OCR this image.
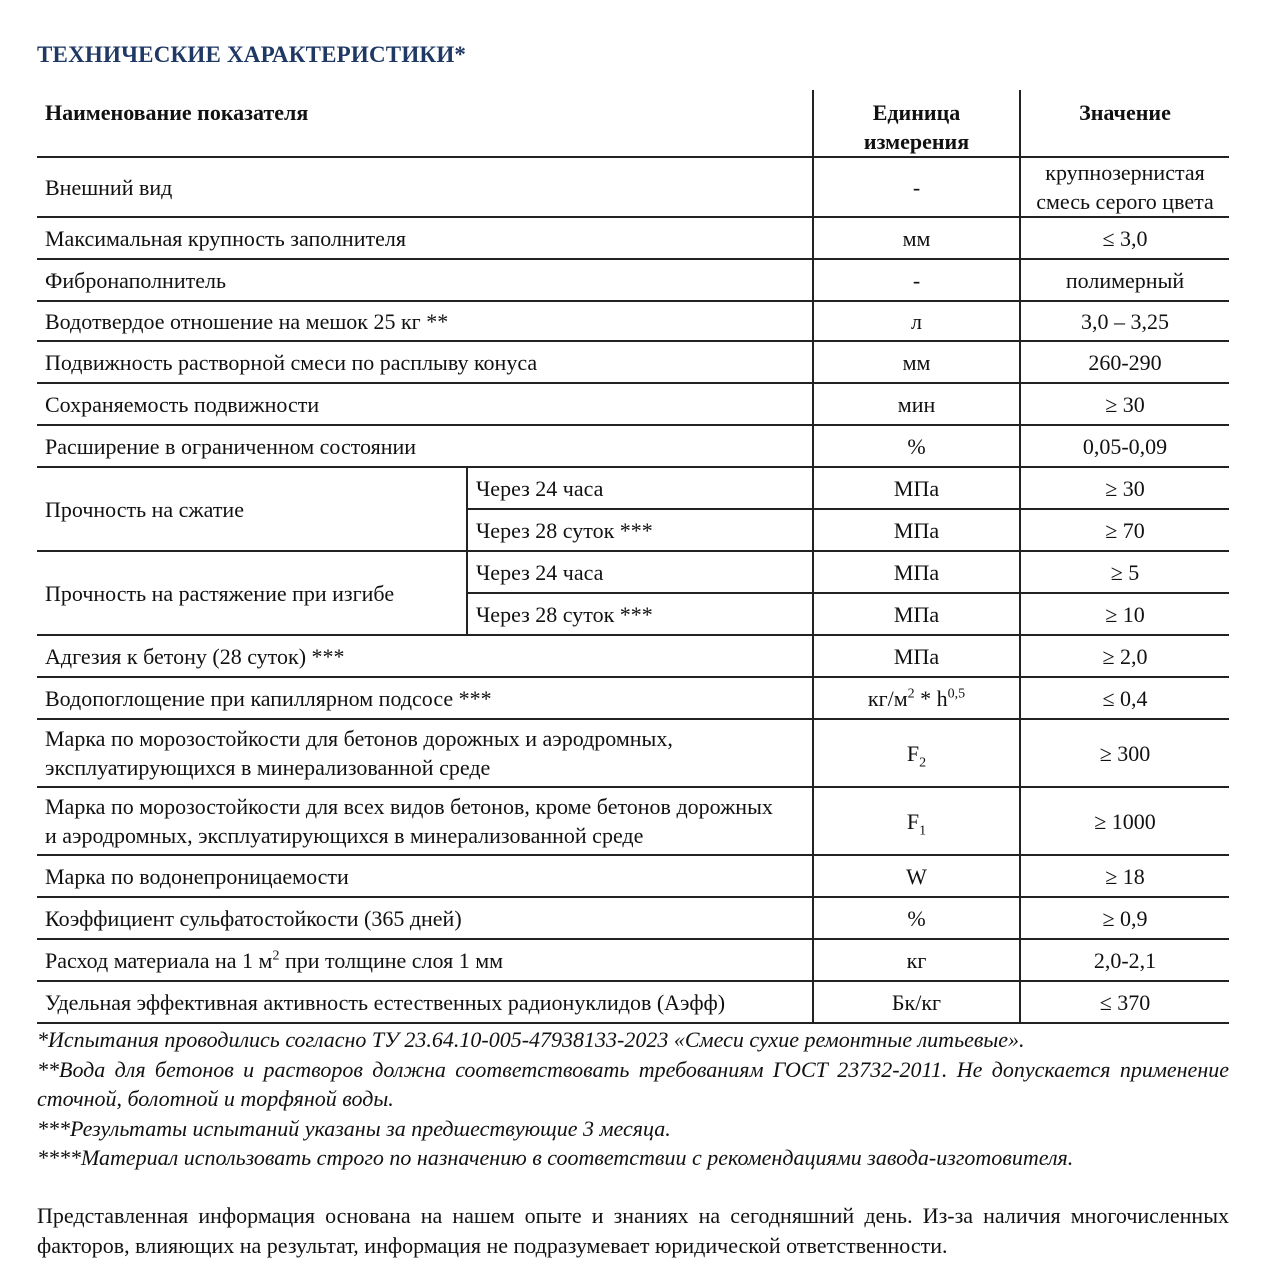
ТЕХНИЧЕСКИЕ ХАРАКТЕРИСТИКИ*
Наименование показателя		Единица измерения	Значение
Внешний вид		-	крупнозернистая смесь серого цвета
Максимальная крупность заполнителя		мм	≤ 3,0
Фибронаполнитель		-	полимерный
Водотвердое отношение на мешок 25 кг **		л	3,0 – 3,25
Подвижность растворной смеси по расплыву конуса		мм	260-290
Сохраняемость подвижности		мин	≥ 30
Расширение в ограниченном состоянии		%	0,05-0,09
Прочность на сжатие	Через 24 часа	МПа	≥ 30
	Через 28 суток ***	МПа	≥ 70
Прочность на растяжение при изгибе	Через 24 часа	МПа	≥ 5
	Через 28 суток ***	МПа	≥ 10
Адгезия к бетону (28 суток) ***		МПа	≥ 2,0
Водопоглощение при капиллярном подсосе ***		$кг/м^2 * h^{0,5}$	≤ 0,4
Марка по морозостойкости для бетонов дорожных и аэродромных,
эксплуатирующихся в минерализованной среде		$F_2$	≥ 300
Марка по морозостойкости для всех видов бетонов, кроме бетонов дорожных
и аэродромных, эксплуатирующихся в минерализованной среде		$F_1$	≥ 1000
Марка по водонепроницаемости		W	≥ 18
Коэффициент сульфатостойкости (365 дней)		%	≥ 0,9
Расход материала на 1 $м^2$ при толщине слоя 1 мм		кг	2,0-2,1
Удельная эффективная активность естественных радионуклидов (Аэфф)		Бк/кг	≤ 370

*Испытания проводились согласно ТУ 23.64.10-005-47938133-2023 «Смеси сухие ремонтные литьевые».

**Вода для бетонов и растворов должна соответствовать требованиям ГОСТ 23732-2011. Не допускается применение сточной, болотной и торфяной воды.

***Результаты испытаний указаны за предшествующие 3 месяца.

****Материал использовать строго по назначению в соответствии с рекомендациями завода-изготовителя.

Представленная информация основана на нашем опыте и знаниях на сегодняшний день. Из-за наличия многочисленных факторов, влияющих на результат, информация не подразумевает юридической ответственности.
